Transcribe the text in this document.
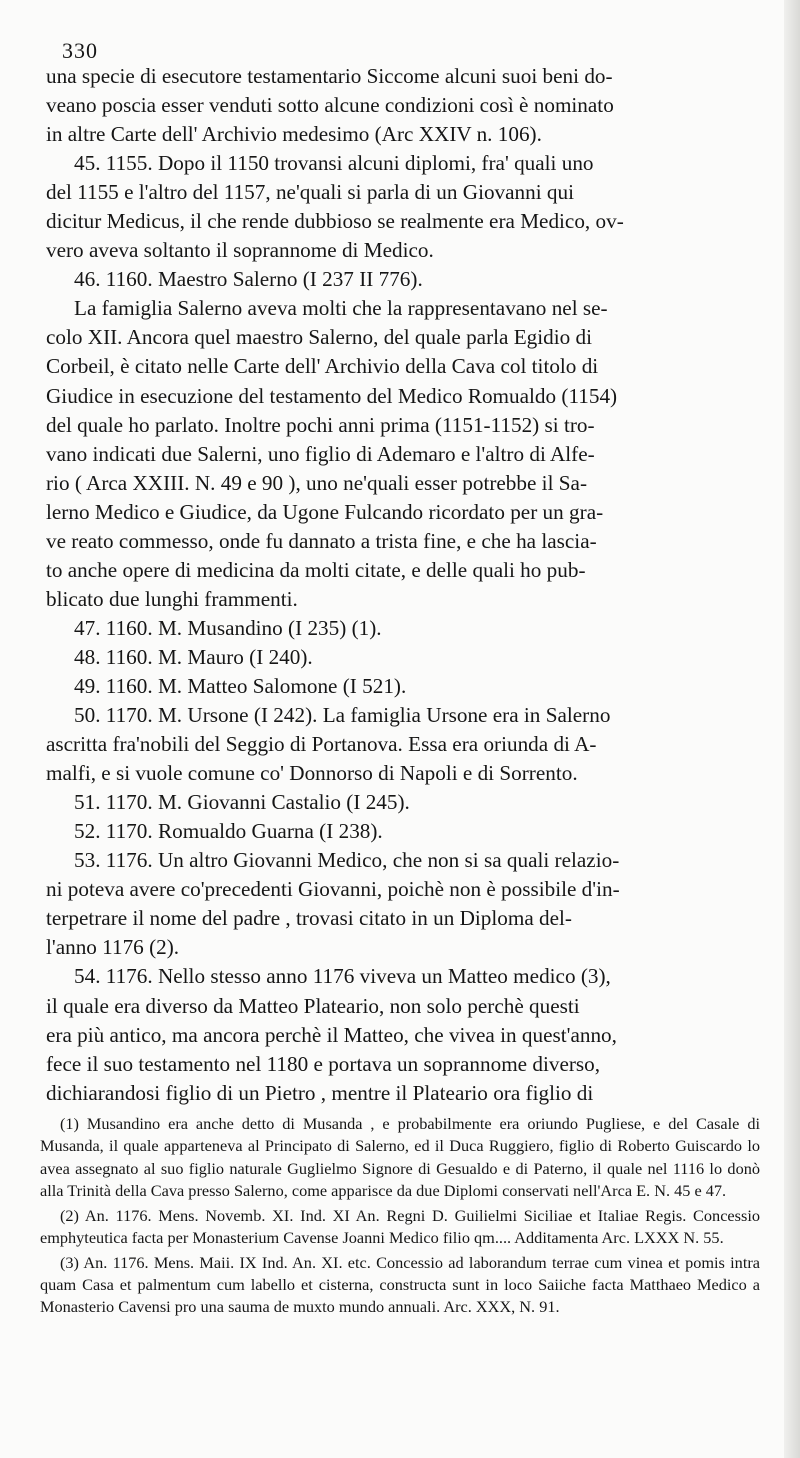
330

una specie di esecutore testamentario Siccome alcuni suoi beni do-

veano poscia esser venduti sotto alcune condizioni così è nominato

in altre Carte dell' Archivio medesimo (Arc XXIV n. 106).

45. 1155. Dopo il 1150 trovansi alcuni diplomi, fra' quali uno

del 1155 e l'altro del 1157, ne'quali si parla di un Giovanni qui

dicitur Medicus, il che rende dubbioso se realmente era Medico, ov-

vero aveva soltanto il soprannome di Medico.

46. 1160. Maestro Salerno (I 237 II 776).

La famiglia Salerno aveva molti che la rappresentavano nel se-

colo XII. Ancora quel maestro Salerno, del quale parla Egidio di

Corbeil, è citato nelle Carte dell' Archivio della Cava col titolo di

Giudice in esecuzione del testamento del Medico Romualdo (1154)

del quale ho parlato. Inoltre pochi anni prima (1151-1152) si tro-

vano indicati due Salerni, uno figlio di Ademaro e l'altro di Alfe-

rio ( Arca XXIII. N. 49 e 90 ), uno ne'quali esser potrebbe il Sa-

lerno Medico e Giudice, da Ugone Fulcando ricordato per un gra-

ve reato commesso, onde fu dannato a trista fine, e che ha lascia-

to anche opere di medicina da molti citate, e delle quali ho pub-

blicato due lunghi frammenti.

47. 1160. M. Musandino (I 235) (1).

48. 1160. M. Mauro (I 240).

49. 1160. M. Matteo Salomone (I 521).

50. 1170. M. Ursone (I 242). La famiglia Ursone era in Salerno

ascritta fra'nobili del Seggio di Portanova. Essa era oriunda di A-

malfi, e si vuole comune co' Donnorso di Napoli e di Sorrento.

51. 1170. M. Giovanni Castalio (I 245).

52. 1170. Romualdo Guarna (I 238).

53. 1176. Un altro Giovanni Medico, che non si sa quali relazio-

ni poteva avere co'precedenti Giovanni, poichè non è possibile d'in-

terpetrare il nome del padre , trovasi citato in un Diploma del-

l'anno 1176 (2).

54. 1176. Nello stesso anno 1176 viveva un Matteo medico (3),

il quale era diverso da Matteo Plateario, non solo perchè questi

era più antico, ma ancora perchè il Matteo, che vivea in quest'anno,

fece il suo testamento nel 1180 e portava un soprannome diverso,

dichiarandosi figlio di un Pietro , mentre il Plateario ora figlio di

(1) Musandino era anche detto di Musanda , e probabilmente era oriundo Pugliese, e del Casale di Musanda, il quale apparteneva al Principato di Salerno, ed il Duca Ruggiero, figlio di Roberto Guiscardo lo avea assegnato al suo figlio naturale Guglielmo Signore di Gesualdo e di Paterno, il quale nel 1116 lo donò alla Trinità della Cava presso Salerno, come apparisce da due Diplomi conservati nell'Arca E. N. 45 e 47.

(2) An. 1176. Mens. Novemb. XI. Ind. XI An. Regni D. Guilielmi Siciliae et Italiae Regis. Concessio emphyteutica facta per Monasterium Cavense Joanni Medico filio qm.... Additamenta Arc. LXXX N. 55.

(3) An. 1176. Mens. Maii. IX Ind. An. XI. etc. Concessio ad laborandum terrae cum vinea et pomis intra quam Casa et palmentum cum labello et cisterna, constructa sunt in loco Saiiche facta Matthaeo Medico a Monasterio Cavensi pro una sauma de muxto mundo annuali. Arc. XXX, N. 91.
